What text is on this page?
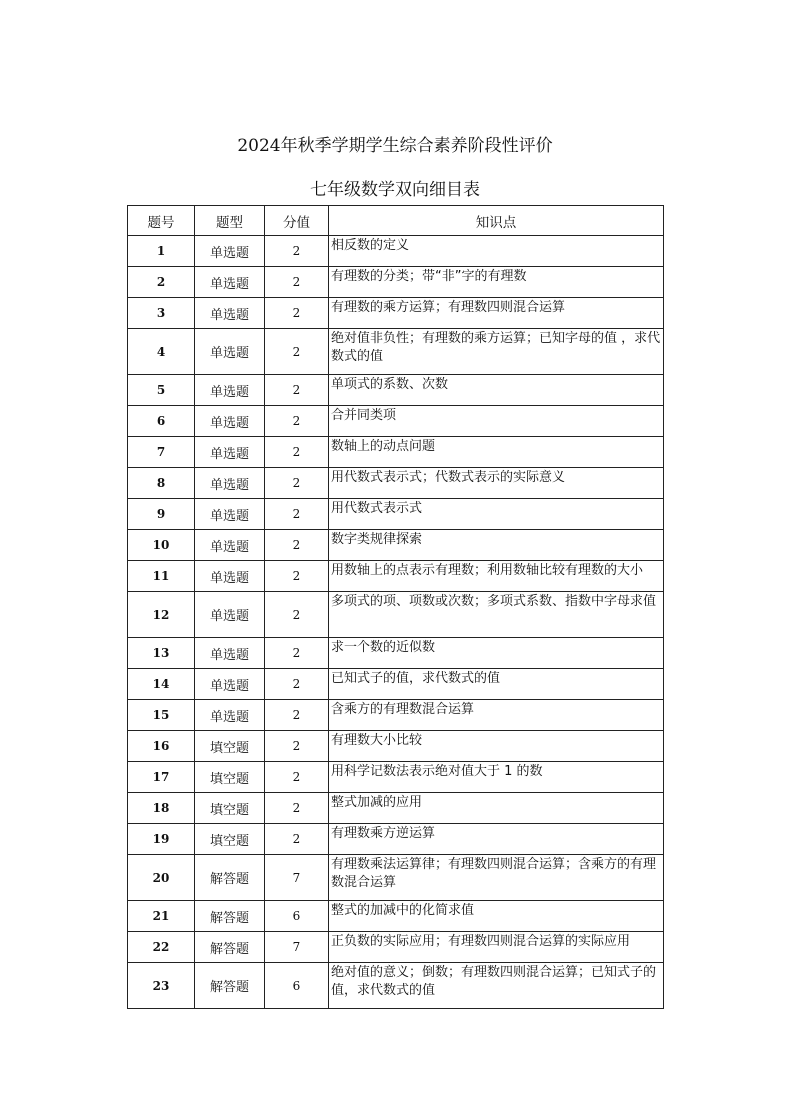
2024年秋季学期学生综合素养阶段性评价
七年级数学双向细目表
题号	题型	分值	知识点
1	单选题	2	相反数的定义
2	单选题	2	有理数的分类；带“非”字的有理数
3	单选题	2	有理数的乘方运算；有理数四则混合运算
4	单选题	2	绝对值非负性；有理数的乘方运算；已知字母的值 ，求代数式的值
5	单选题	2	单项式的系数、次数
6	单选题	2	合并同类项
7	单选题	2	数轴上的动点问题
8	单选题	2	用代数式表示式；代数式表示的实际意义
9	单选题	2	用代数式表示式
10	单选题	2	数字类规律探索
11	单选题	2	用数轴上的点表示有理数；利用数轴比较有理数的大小
12	单选题	2	多项式的项、项数或次数；多项式系数、指数中字母求值
13	单选题	2	求一个数的近似数
14	单选题	2	已知式子的值，求代数式的值
15	单选题	2	含乘方的有理数混合运算
16	填空题	2	有理数大小比较
17	填空题	2	用科学记数法表示绝对值大于 1 的数
18	填空题	2	整式加减的应用
19	填空题	2	有理数乘方逆运算
20	解答题	7	有理数乘法运算律；有理数四则混合运算；含乘方的有理数混合运算
21	解答题	6	整式的加减中的化简求值
22	解答题	7	正负数的实际应用；有理数四则混合运算的实际应用
23	解答题	6	绝对值的意义；倒数；有理数四则混合运算；已知式子的值，求代数式的值
